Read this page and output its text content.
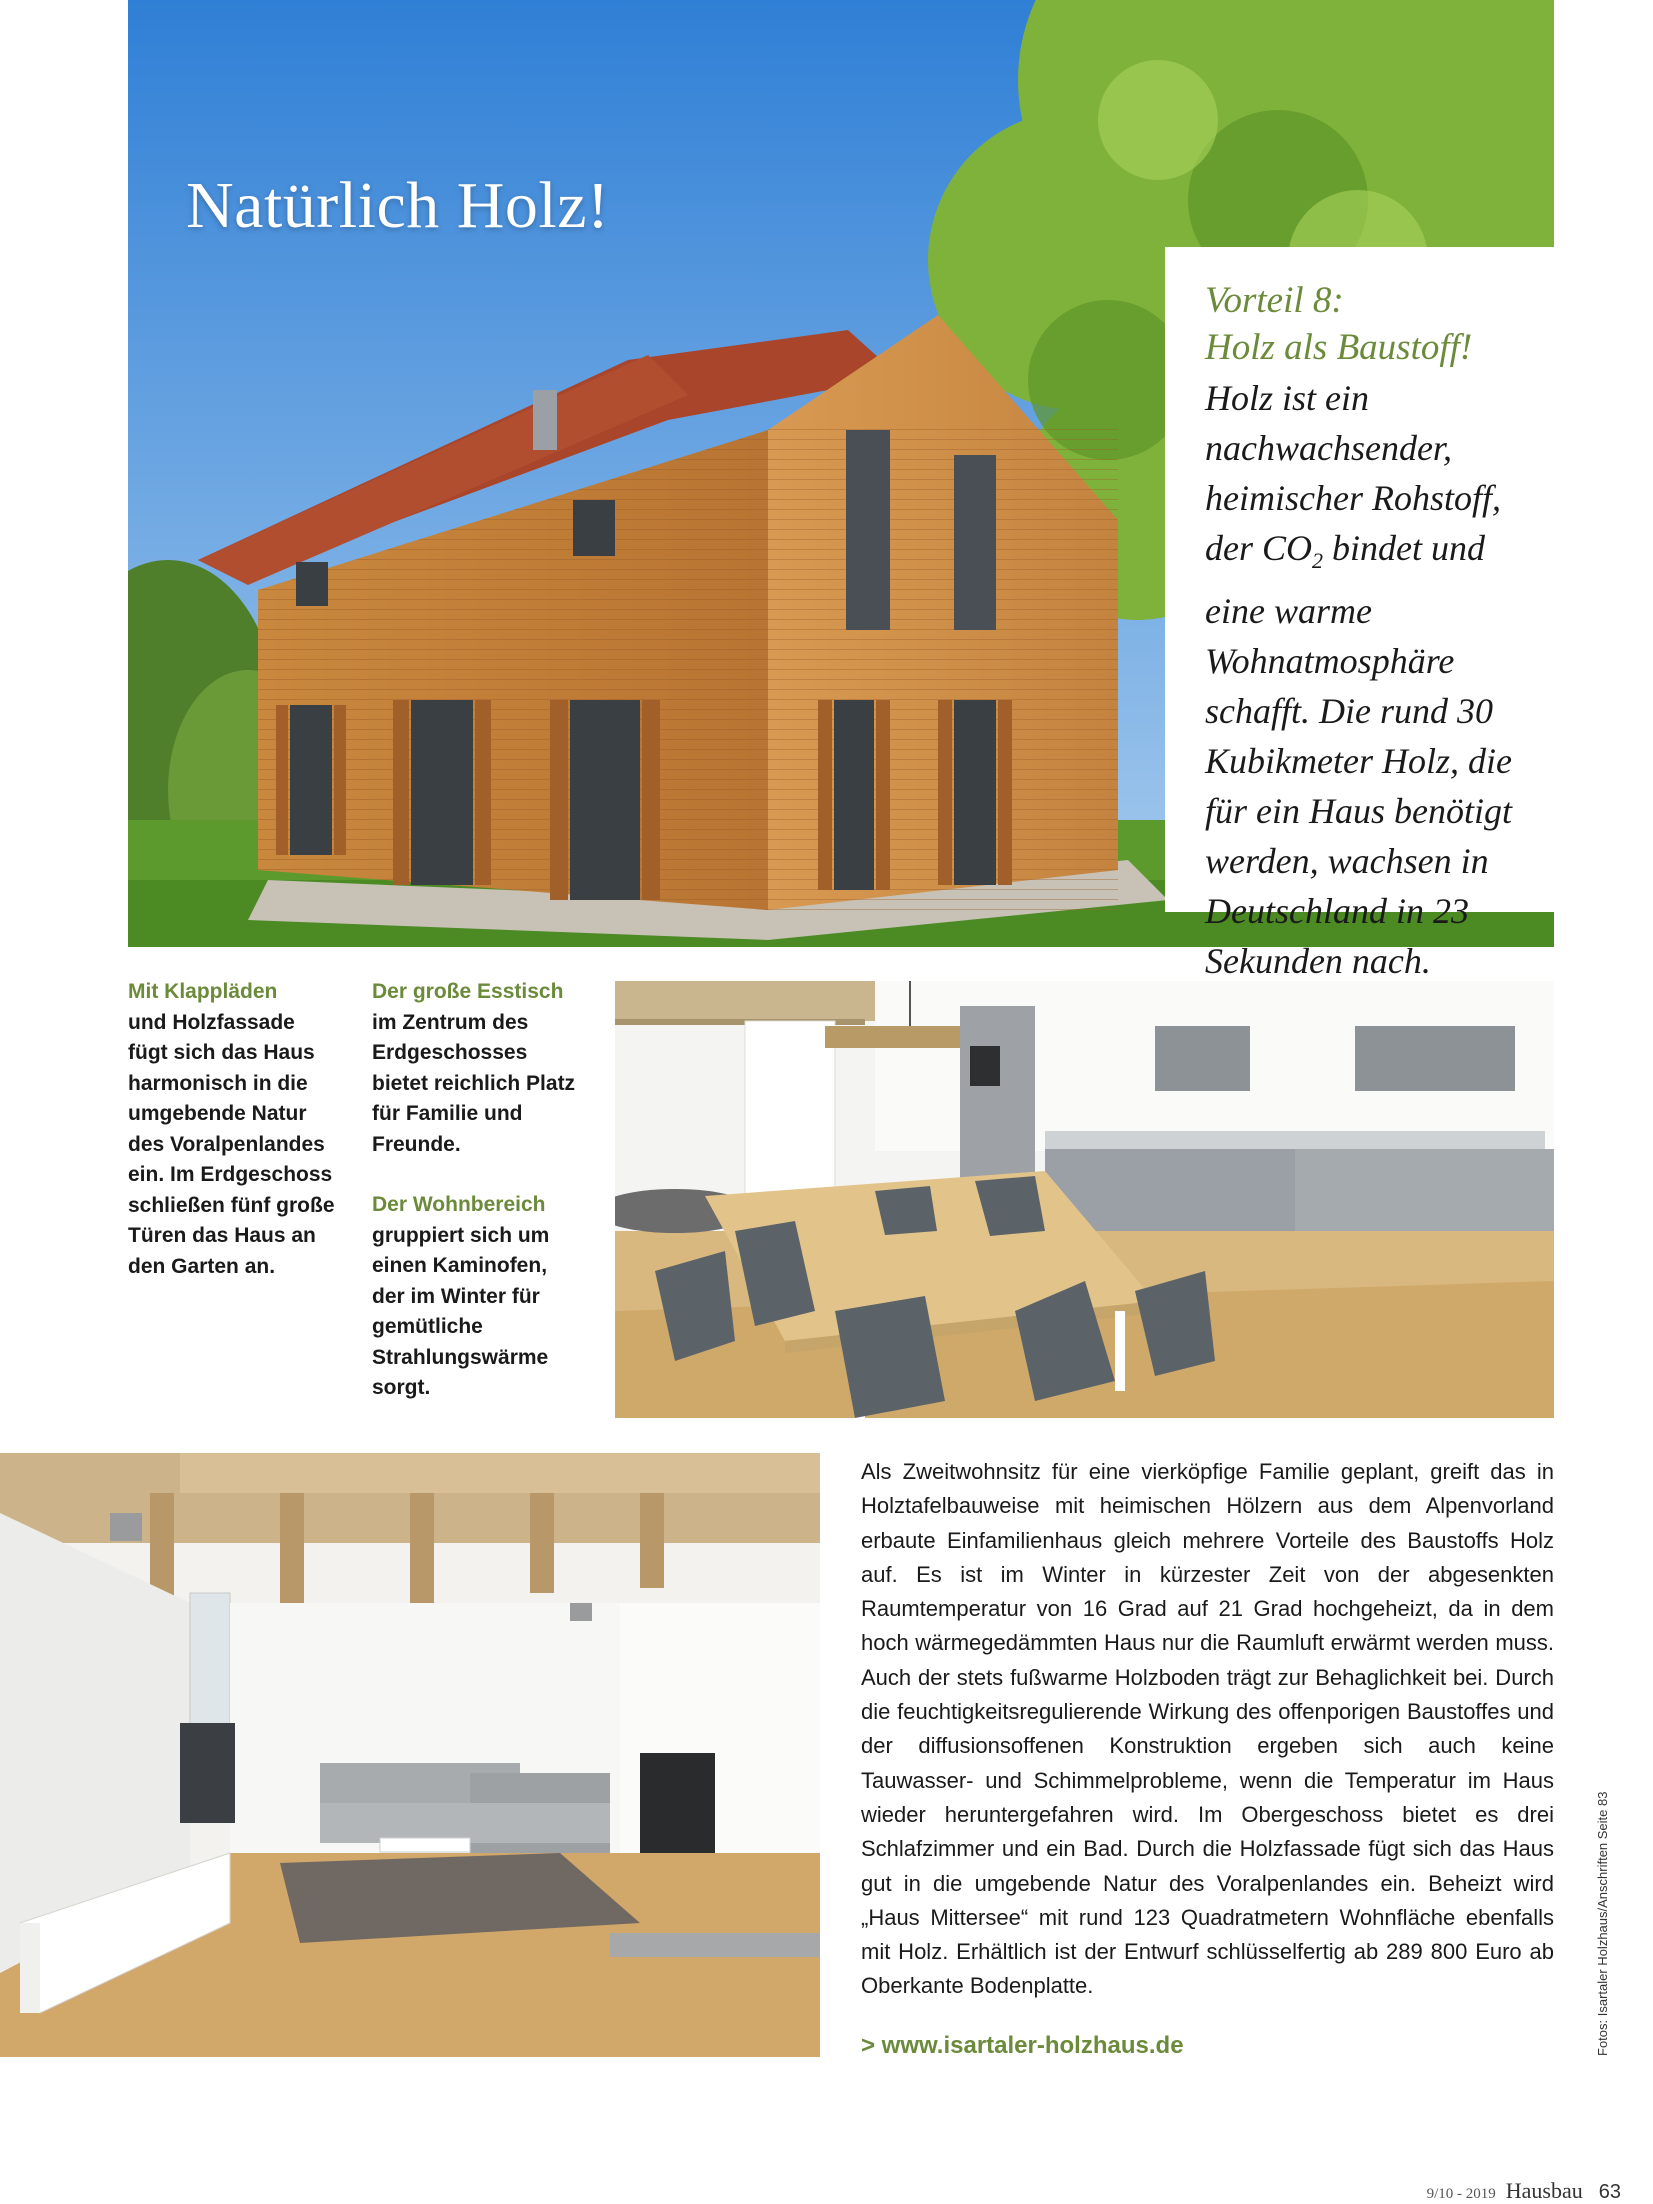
Natürlich Holz!
Vorteil 8:
Holz als Baustoff!
Holz ist ein nachwachsender, heimischer Rohstoff, der $CO_2$ bindet und eine warme Wohnatmosphäre schafft. Die rund 30 Kubikmeter Holz, die für ein Haus benötigt werden, wachsen in Deutschland in 23 Sekunden nach.
Mit Klappläden
und Holzfassade fügt sich das Haus harmonisch in die umgebende Natur des Voralpenlandes ein. Im Erdgeschoss schließen fünf große Türen das Haus an den Garten an.
Der große Esstisch
im Zentrum des Erdgeschosses bietet reichlich Platz für Familie und Freunde.
Der Wohnbereich
gruppiert sich um einen Kaminofen, der im Winter für gemütliche Strahlungswärme sorgt.
Als Zweitwohnsitz für eine vierköpfige Familie geplant, greift das in Holztafelbauweise mit heimischen Hölzern aus dem Alpenvorland erbaute Einfamilienhaus gleich mehrere Vorteile des Baustoffs Holz auf. Es ist im Winter in kürzester Zeit von der abgesenkten Raumtemperatur von 16 Grad auf 21 Grad hochgeheizt, da in dem hoch wärmegedämmten Haus nur die Raumluft erwärmt werden muss. Auch der stets fußwarme Holzboden trägt zur Behaglichkeit bei. Durch die feuchtigkeitsregulierende Wirkung des offenporigen Baustoffes und der diffusionsoffenen Konstruktion ergeben sich auch keine Tauwasser- und Schimmelprobleme, wenn die Temperatur im Haus wieder heruntergefahren wird. Im Obergeschoss bietet es drei Schlafzimmer und ein Bad. Durch die Holzfassade fügt sich das Haus gut in die umgebende Natur des Voralpenlandes ein. Beheizt wird „Haus Mittersee“ mit rund 123 Quadratmetern Wohnfläche ebenfalls mit Holz. Erhältlich ist der Entwurf schlüsselfertig ab 289 800 Euro ab Oberkante Bodenplatte.
> www.isartaler-holzhaus.de	Fotos: Isartaler Holzhaus/Anschriften Seite 83
9/10 - 2019 Hausbau 63
